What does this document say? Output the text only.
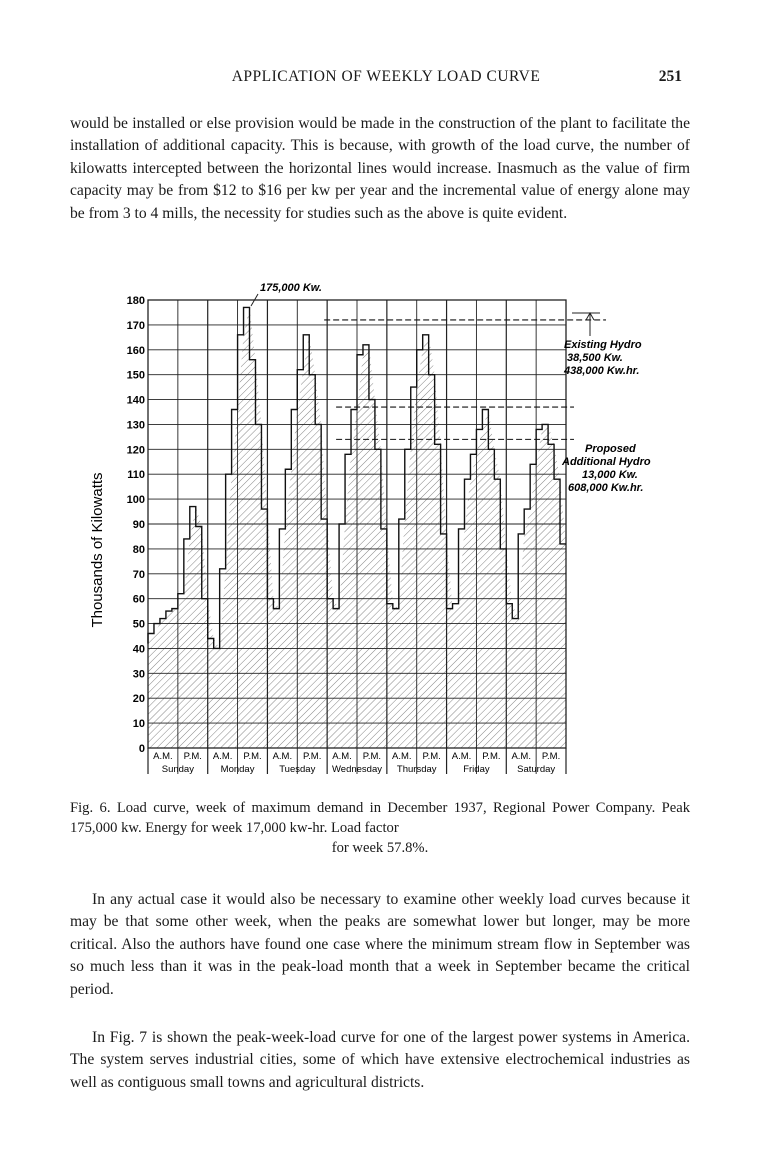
APPLICATION OF WEEKLY LOAD CURVE	251

would be installed or else provision would be made in the construction of the plant to facilitate the installation of additional capacity. This is because, with growth of the load curve, the number of kilowatts intercepted between the horizontal lines would increase. Inasmuch as the value of firm capacity may be from $12 to $16 per kw per year and the incremental value of energy alone may be from 3 to 4 mills, the necessity for studies such as the above is quite evident.

0
10
20
30
40
50
60
70
80
90
100
110
120
130
140
150
160
170
180
A.M. P.M.
Sunday
A.M. P.M.
Monday
A.M. P.M.
Tuesday
A.M. P.M.
Wednesday
A.M. P.M.
Thursday
A.M. P.M.
Friday
A.M. P.M.
Saturday
Thousands of Kilowatts
175,000 Kw.
Existing Hydro
38,500 Kw.
438,000 Kw.hr.
Proposed
Additional Hydro
13,000 Kw.
608,000 Kw.hr.
Fig. 6. Load curve, week of maximum demand in December 1937, Regional Power Company. Peak 175,000 kw. Energy for week 17,000 kw-hr. Load factor
for week 57.8%.

In any actual case it would also be necessary to examine other weekly load curves because it may be that some other week, when the peaks are somewhat lower but longer, may be more critical. Also the authors have found one case where the minimum stream flow in September was so much less than it was in the peak-load month that a week in September became the critical period.

In Fig. 7 is shown the peak-week-load curve for one of the largest power systems in America. The system serves industrial cities, some of which have extensive electrochemical industries as well as contiguous small towns and agricultural districts.
